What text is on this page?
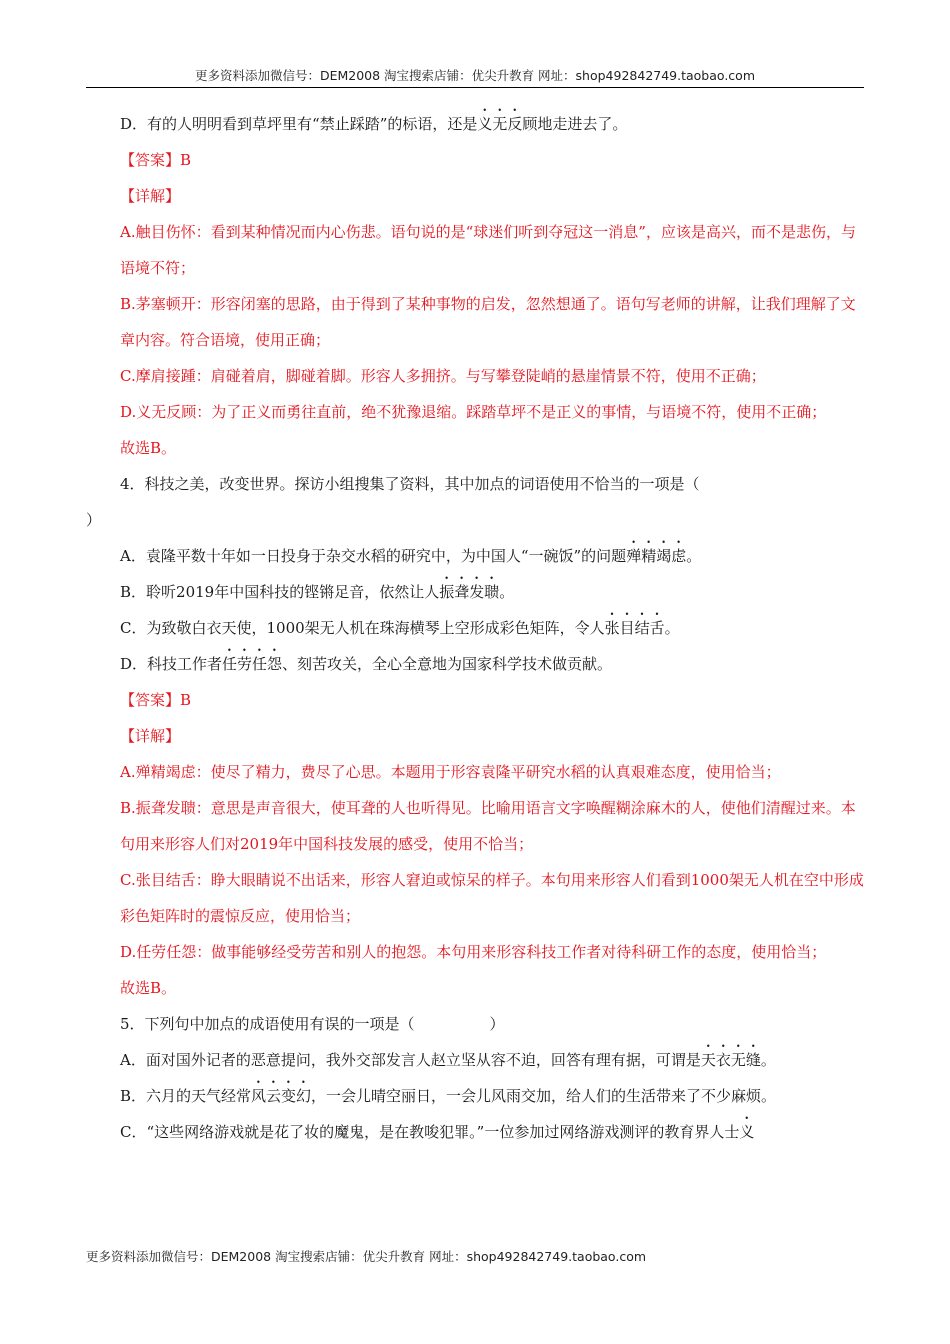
更多资料添加微信号：DEM2008 淘宝搜索店铺：优尖升教育 网址：shop492842749.taobao.com

D．有的人明明看到草坪里有“禁止踩踏”的标语，还是义无反顾地走进去了。

【答案】B

【详解】

A.触目伤怀：看到某种情况而内心伤悲。语句说的是“球迷们听到夺冠这一消息”，应该是高兴，而不是悲伤，与语境不符；

B.茅塞顿开：形容闭塞的思路，由于得到了某种事物的启发，忽然想通了。语句写老师的讲解，让我们理解了文章内容。符合语境，使用正确；

C.摩肩接踵：肩碰着肩，脚碰着脚。形容人多拥挤。与写攀登陡峭的悬崖情景不符，使用不正确；

D.义无反顾：为了正义而勇往直前，绝不犹豫退缩。踩踏草坪不是正义的事情，与语境不符，使用不正确；

故选B。

4．科技之美，改变世界。探访小组搜集了资料，其中加点的词语使用不恰当的一项是（

）

A．袁隆平数十年如一日投身于杂交水稻的研究中，为中国人“一碗饭”的问题殚精竭虑。

B．聆听2019年中国科技的铿锵足音，依然让人振聋发聩。

C．为致敬白衣天使，1000架无人机在珠海横琴上空形成彩色矩阵，令人张目结舌。

D．科技工作者任劳任怨、刻苦攻关，全心全意地为国家科学技术做贡献。

【答案】B

【详解】

A.殚精竭虑：使尽了精力，费尽了心思。本题用于形容袁隆平研究水稻的认真艰难态度，使用恰当；

B.振聋发聩：意思是声音很大，使耳聋的人也听得见。比喻用语言文字唤醒糊涂麻木的人，使他们清醒过来。本句用来形容人们对2019年中国科技发展的感受，使用不恰当；

C.张目结舌：睁大眼睛说不出话来，形容人窘迫或惊呆的样子。本句用来形容人们看到1000架无人机在空中形成彩色矩阵时的震惊反应，使用恰当；

D.任劳任怨：做事能够经受劳苦和别人的抱怨。本句用来形容科技工作者对待科研工作的态度，使用恰当；

故选B。

5．下列句中加点的成语使用有误的一项是（　　　　　）

A．面对国外记者的恶意提问，我外交部发言人赵立坚从容不迫，回答有理有据，可谓是天衣无缝。

B．六月的天气经常风云变幻，一会儿晴空丽日，一会儿风雨交加，给人们的生活带来了不少麻烦。

C．“这些网络游戏就是花了妆的魔鬼，是在教唆犯罪。”一位参加过网络游戏测评的教育界人士义

更多资料添加微信号：DEM2008 淘宝搜索店铺：优尖升教育 网址：shop492842749.taobao.com
